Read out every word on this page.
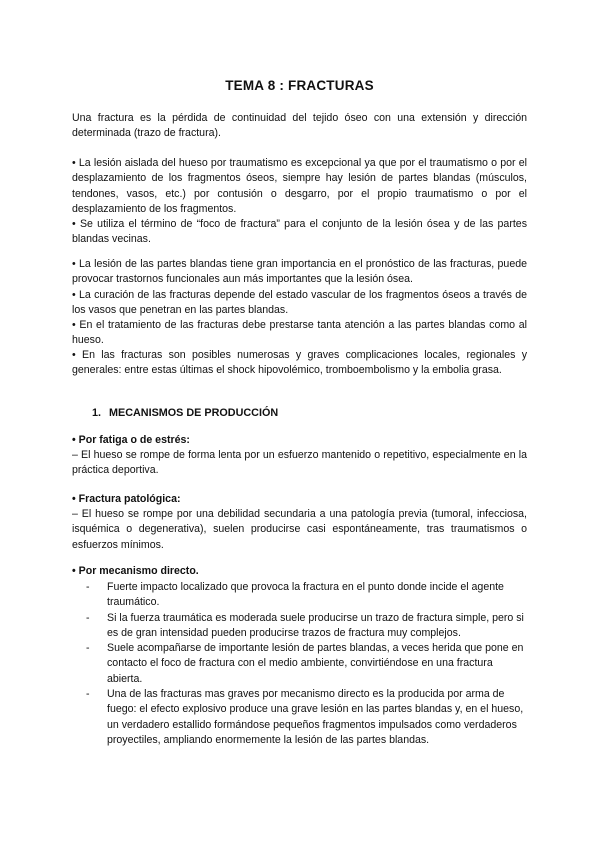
TEMA 8 : FRACTURAS

Una fractura es la pérdida de continuidad del tejido óseo con una extensión y dirección determinada (trazo de fractura).

• La lesión aislada del hueso por traumatismo es excepcional ya que por el traumatismo o por el desplazamiento de los fragmentos óseos, siempre hay lesión de partes blandas (músculos, tendones, vasos, etc.) por contusión o desgarro, por el propio traumatismo o por el desplazamiento de los fragmentos.

• Se utiliza el término de “foco de fractura” para el conjunto de la lesión ósea y de las partes blandas vecinas.

• La lesión de las partes blandas tiene gran importancia en el pronóstico de las fracturas, puede provocar trastornos funcionales aun más importantes que la lesión ósea.

• La curación de las fracturas depende del estado vascular de los fragmentos óseos a través de los vasos que penetran en las partes blandas.

• En el tratamiento de las fracturas debe prestarse tanta atención a las partes blandas como al hueso.

• En las fracturas son posibles numerosas y graves complicaciones locales, regionales y generales: entre estas últimas el shock hipovolémico, tromboembolismo y la embolia grasa.

1. MECANISMOS DE PRODUCCIÓN

• Por fatiga o de estrés:

– El hueso se rompe de forma lenta por un esfuerzo mantenido o repetitivo, especialmente en la práctica deportiva.

• Fractura patológica:

– El hueso se rompe por una debilidad secundaria a una patología previa (tumoral, infecciosa, isquémica o degenerativa), suelen producirse casi espontáneamente, tras traumatismos o esfuerzos mínimos.

• Por mecanismo directo.

- Fuerte impacto localizado que provoca la fractura en el punto donde incide el agente traumático.
- Si la fuerza traumática es moderada suele producirse un trazo de fractura simple, pero si es de gran intensidad pueden producirse trazos de fractura muy complejos.
- Suele acompañarse de importante lesión de partes blandas, a veces herida que pone en contacto el foco de fractura con el medio ambiente, convirtiéndose en una fractura abierta.
- Una de las fracturas mas graves por mecanismo directo es la producida por arma de fuego: el efecto explosivo produce una grave lesión en las partes blandas y, en el hueso, un verdadero estallido formándose pequeños fragmentos impulsados como verdaderos proyectiles, ampliando enormemente la lesión de las partes blandas.
